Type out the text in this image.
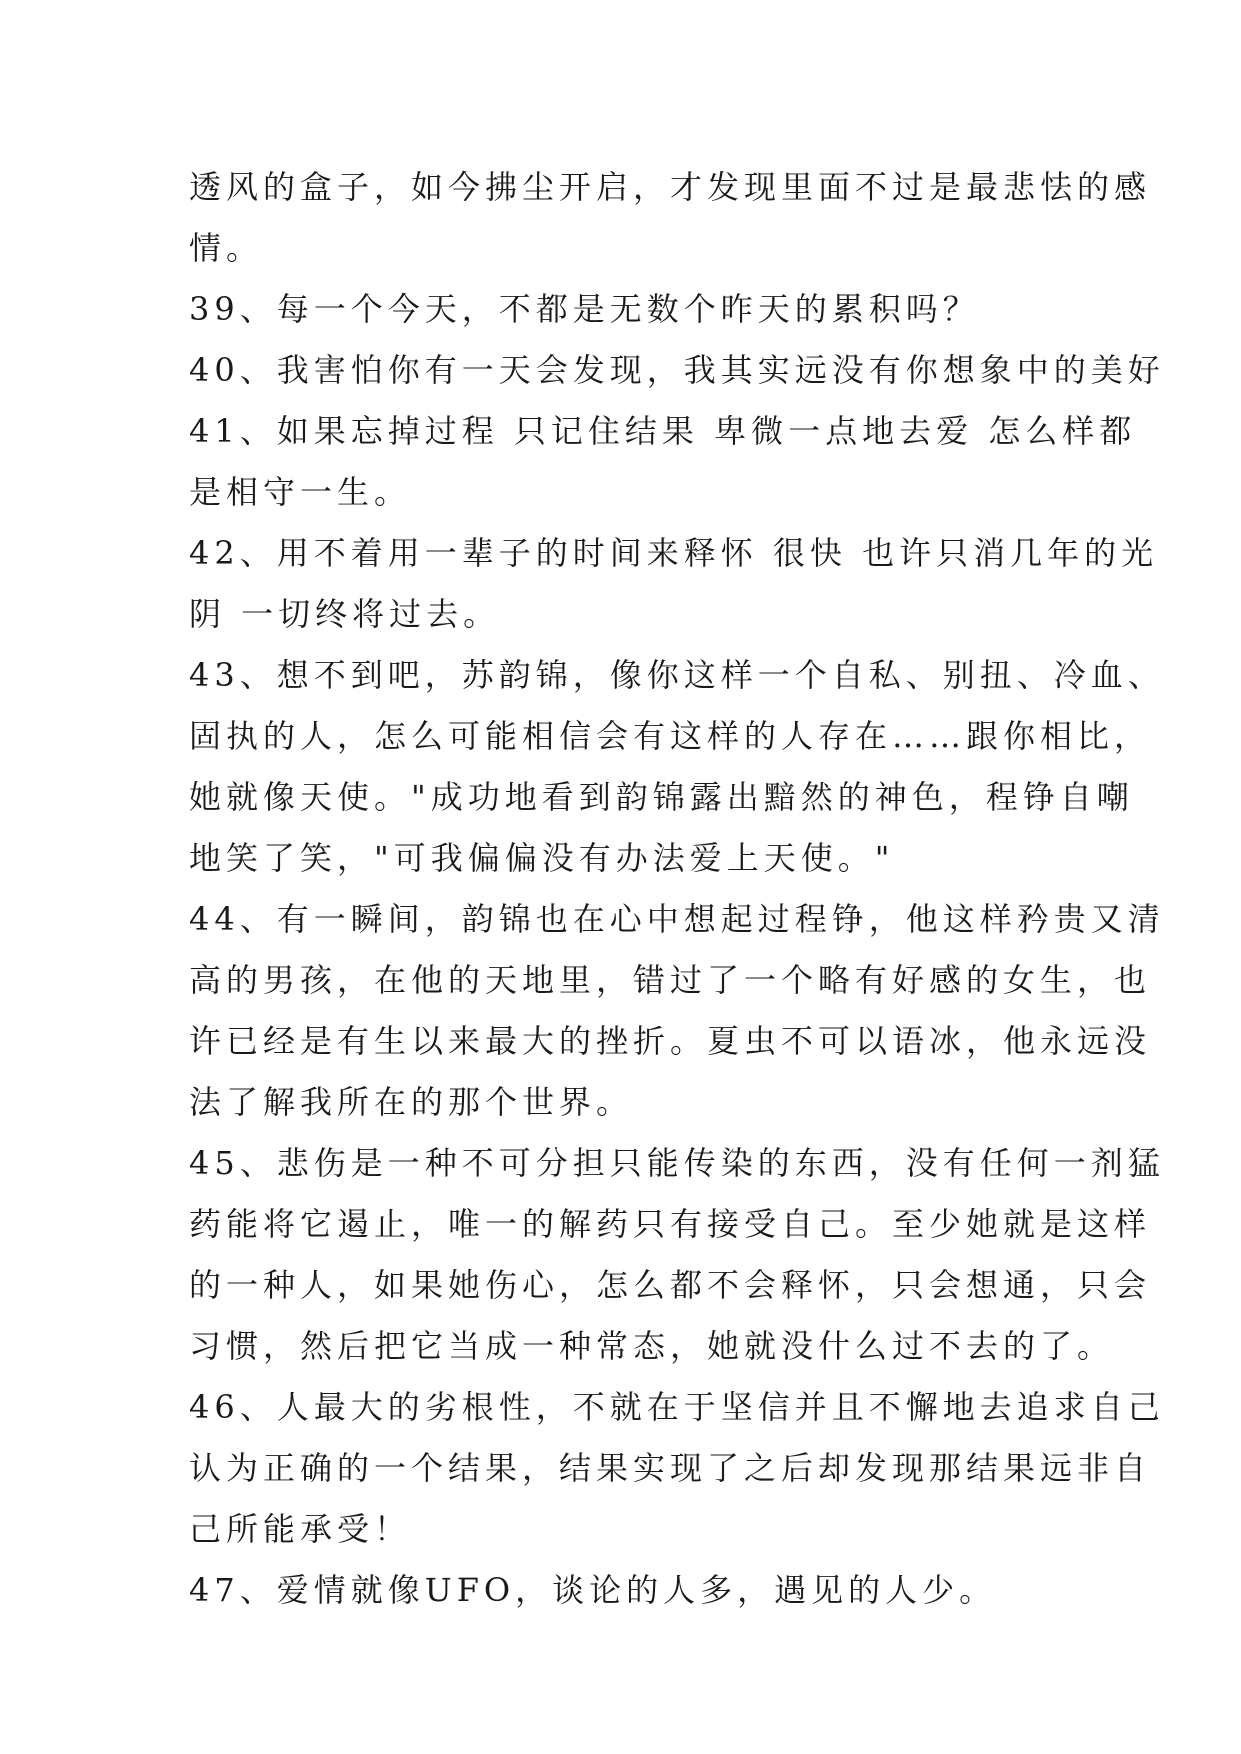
透风的盒子，如今拂尘开启，才发现里面不过是最悲怯的感
情。
39、每一个今天，不都是无数个昨天的累积吗？
40、我害怕你有一天会发现，我其实远没有你想象中的美好
41、如果忘掉过程 只记住结果 卑微一点地去爱 怎么样都
是相守一生。
42、用不着用一辈子的时间来释怀 很快 也许只消几年的光
阴 一切终将过去。
43、想不到吧，苏韵锦，像你这样一个自私、别扭、冷血、
固执的人，怎么可能相信会有这样的人存在……跟你相比，
她就像天使。"成功地看到韵锦露出黯然的神色，程铮自嘲
地笑了笑，"可我偏偏没有办法爱上天使。"
44、有一瞬间，韵锦也在心中想起过程铮，他这样矜贵又清
高的男孩，在他的天地里，错过了一个略有好感的女生，也
许已经是有生以来最大的挫折。夏虫不可以语冰，他永远没
法了解我所在的那个世界。
45、悲伤是一种不可分担只能传染的东西，没有任何一剂猛
药能将它遏止，唯一的解药只有接受自己。至少她就是这样
的一种人，如果她伤心，怎么都不会释怀，只会想通，只会
习惯，然后把它当成一种常态，她就没什么过不去的了。
46、人最大的劣根性，不就在于坚信并且不懈地去追求自己
认为正确的一个结果，结果实现了之后却发现那结果远非自
己所能承受！
47、爱情就像UFO，谈论的人多，遇见的人少。
